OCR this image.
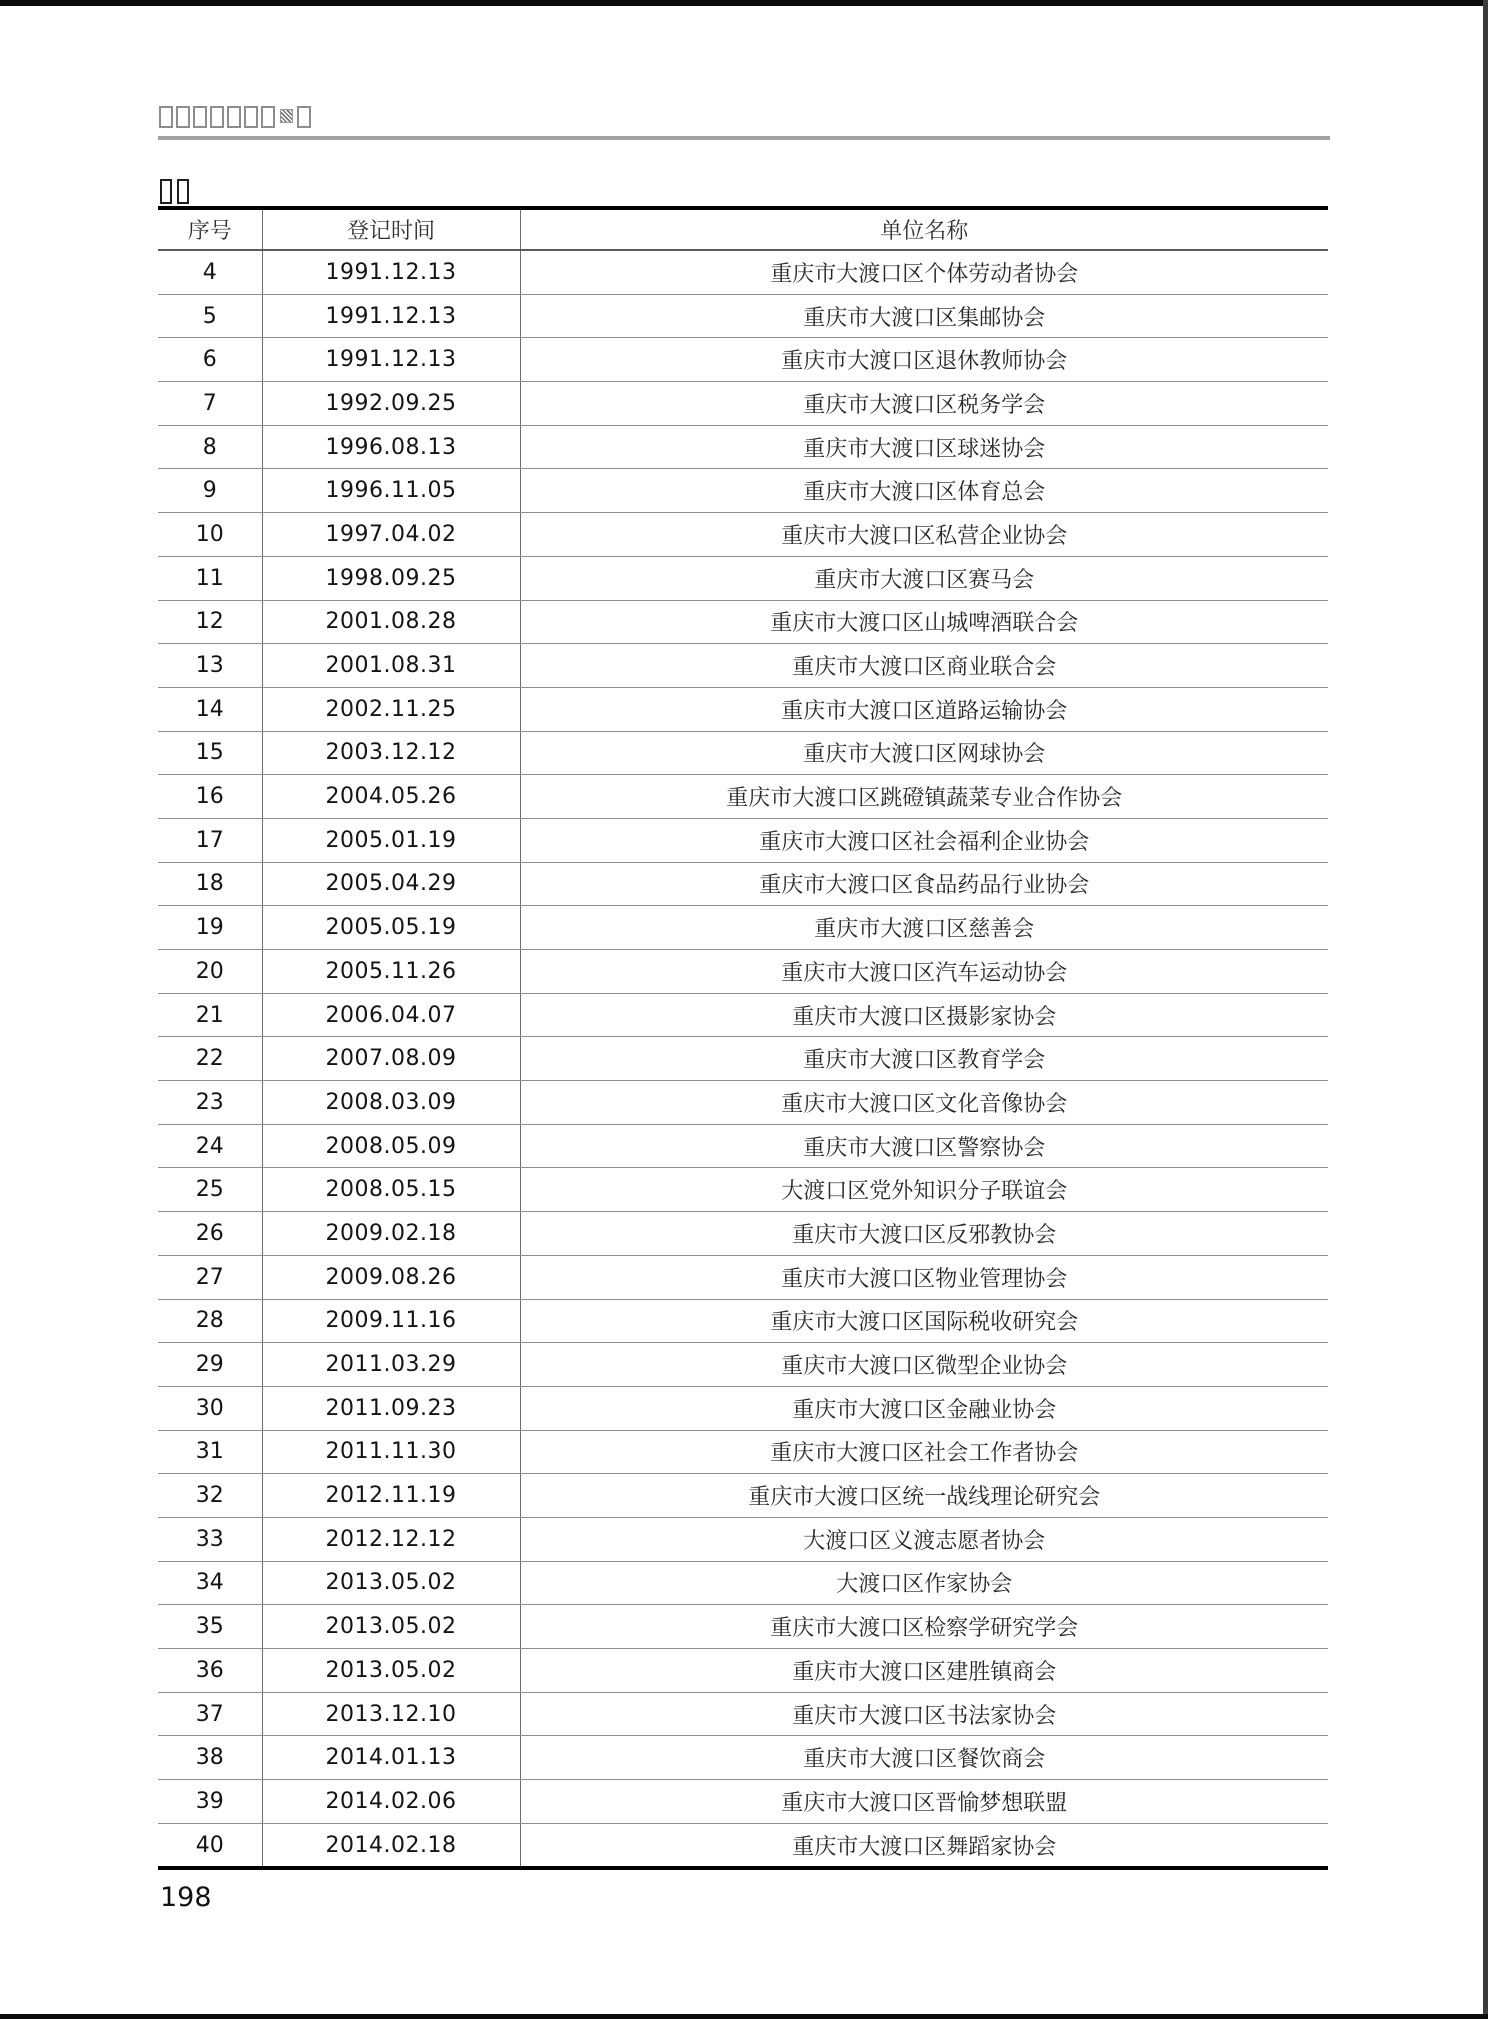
序号	登记时间	单位名称
4	1991.12.13	重庆市大渡口区个体劳动者协会
5	1991.12.13	重庆市大渡口区集邮协会
6	1991.12.13	重庆市大渡口区退休教师协会
7	1992.09.25	重庆市大渡口区税务学会
8	1996.08.13	重庆市大渡口区球迷协会
9	1996.11.05	重庆市大渡口区体育总会
10	1997.04.02	重庆市大渡口区私营企业协会
11	1998.09.25	重庆市大渡口区赛马会
12	2001.08.28	重庆市大渡口区山城啤酒联合会
13	2001.08.31	重庆市大渡口区商业联合会
14	2002.11.25	重庆市大渡口区道路运输协会
15	2003.12.12	重庆市大渡口区网球协会
16	2004.05.26	重庆市大渡口区跳磴镇蔬菜专业合作协会
17	2005.01.19	重庆市大渡口区社会福利企业协会
18	2005.04.29	重庆市大渡口区食品药品行业协会
19	2005.05.19	重庆市大渡口区慈善会
20	2005.11.26	重庆市大渡口区汽车运动协会
21	2006.04.07	重庆市大渡口区摄影家协会
22	2007.08.09	重庆市大渡口区教育学会
23	2008.03.09	重庆市大渡口区文化音像协会
24	2008.05.09	重庆市大渡口区警察协会
25	2008.05.15	大渡口区党外知识分子联谊会
26	2009.02.18	重庆市大渡口区反邪教协会
27	2009.08.26	重庆市大渡口区物业管理协会
28	2009.11.16	重庆市大渡口区国际税收研究会
29	2011.03.29	重庆市大渡口区微型企业协会
30	2011.09.23	重庆市大渡口区金融业协会
31	2011.11.30	重庆市大渡口区社会工作者协会
32	2012.11.19	重庆市大渡口区统一战线理论研究会
33	2012.12.12	大渡口区义渡志愿者协会
34	2013.05.02	大渡口区作家协会
35	2013.05.02	重庆市大渡口区检察学研究学会
36	2013.05.02	重庆市大渡口区建胜镇商会
37	2013.12.10	重庆市大渡口区书法家协会
38	2014.01.13	重庆市大渡口区餐饮商会
39	2014.02.06	重庆市大渡口区晋愉梦想联盟
40	2014.02.18	重庆市大渡口区舞蹈家协会
198
